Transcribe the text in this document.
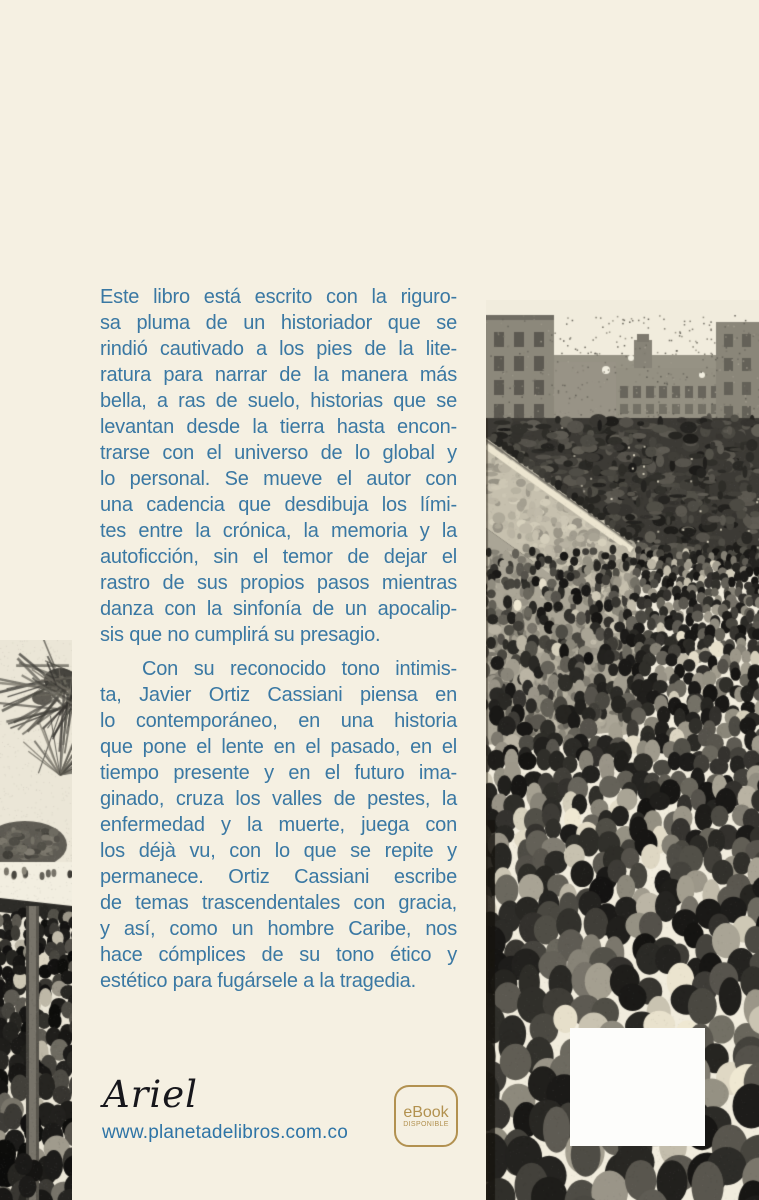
Este libro está escrito con la riguro-
sa pluma de un historiador que se
rindió cautivado a los pies de la lite-
ratura para narrar de la manera más
bella, a ras de suelo, historias que se
levantan desde la tierra hasta encon-
trarse con el universo de lo global y
lo personal. Se mueve el autor con
una cadencia que desdibuja los lími-
tes entre la crónica, la memoria y la
autoficción, sin el temor de dejar el
rastro de sus propios pasos mientras
danza con la sinfonía de un apocalip-
sis que no cumplirá su presagio.
Con su reconocido tono intimis-
ta, Javier Ortiz Cassiani piensa en
lo contemporáneo, en una historia
que pone el lente en el pasado, en el
tiempo presente y en el futuro ima-
ginado, cruza los valles de pestes, la
enfermedad y la muerte, juega con
los déjà vu, con lo que se repite y
permanece. Ortiz Cassiani escribe
de temas trascendentales con gracia,
y así, como un hombre Caribe, nos
hace cómplices de su tono ético y
estético para fugársele a la tragedia.
Ariel
www.planetadelibros.com.co
eBook
DISPONIBLE
